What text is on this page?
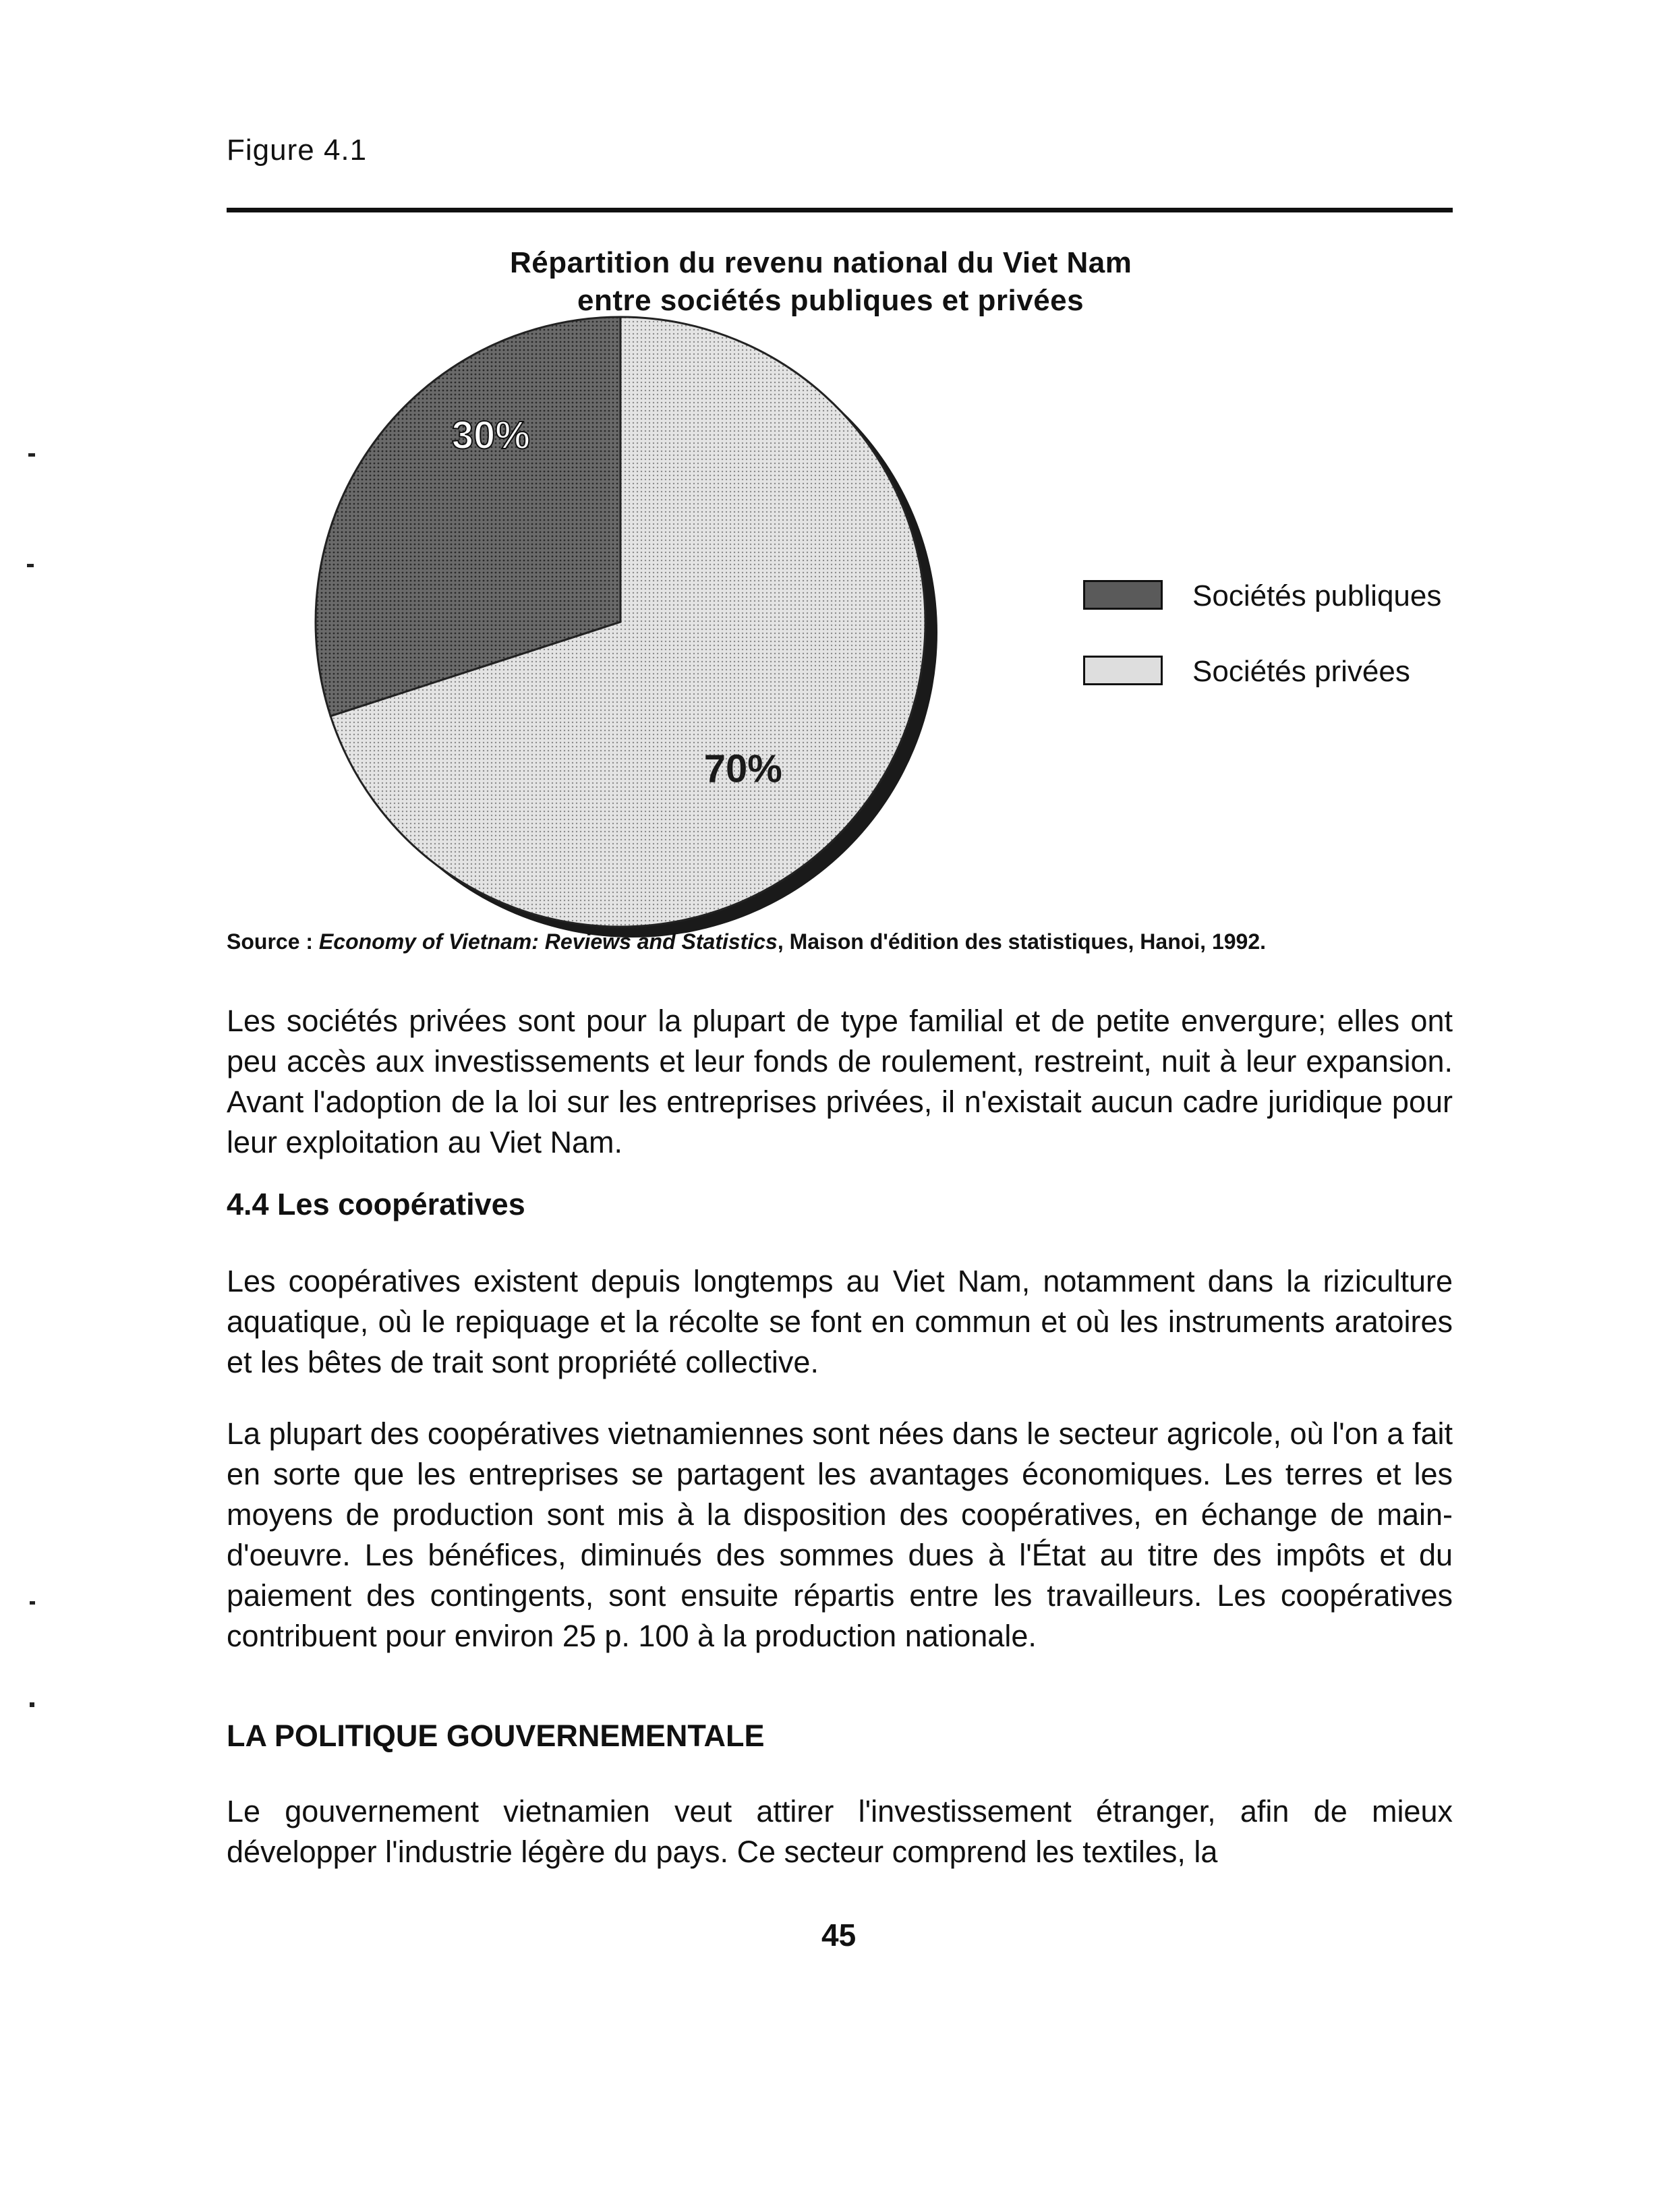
Figure 4.1
Répartition du revenu national du Viet Nam
entre sociétés publiques et privées
30%
70%
Sociétés publiques
Sociétés privées
Source : Economy of Vietnam: Reviews and Statistics, Maison d'édition des statistiques, Hanoi, 1992.
Les sociétés privées sont pour la plupart de type familial et de petite envergure; elles ont peu accès aux investissements et leur fonds de roulement, restreint, nuit à leur expansion. Avant l'adoption de la loi sur les entreprises privées, il n'existait aucun cadre juridique pour leur exploitation au Viet Nam.
4.4 Les coopératives
Les coopératives existent depuis longtemps au Viet Nam, notamment dans la riziculture aquatique, où le repiquage et la récolte se font en commun et où les instruments aratoires et les bêtes de trait sont propriété collective.
La plupart des coopératives vietnamiennes sont nées dans le secteur agricole, où l'on a fait en sorte que les entreprises se partagent les avantages économiques. Les terres et les moyens de production sont mis à la disposition des coopératives, en échange de main-d'oeuvre. Les bénéfices, diminués des sommes dues à l'État au titre des impôts et du paiement des contingents, sont ensuite répartis entre les travailleurs. Les coopératives contribuent pour environ 25 p. 100 à la production nationale.
LA POLITIQUE GOUVERNEMENTALE
Le gouvernement vietnamien veut attirer l'investissement étranger, afin de mieux développer l'industrie légère du pays. Ce secteur comprend les textiles, la
45
